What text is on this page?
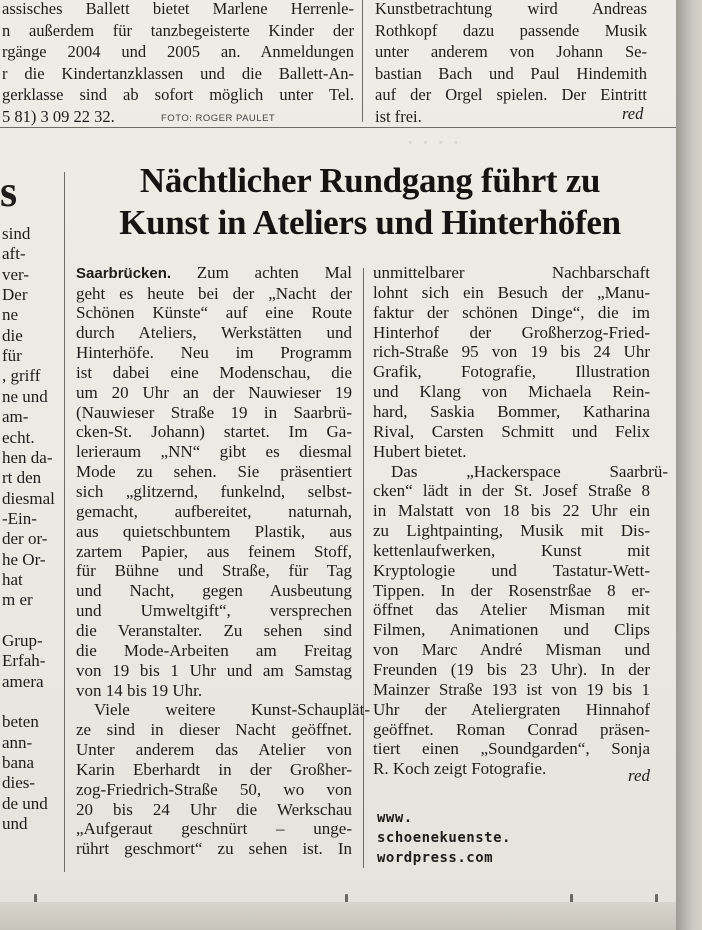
assisches Ballett bietet Marlene Herrenle-
n außerdem für tanzbegeisterte Kinder der
rgänge 2004 und 2005 an. Anmeldungen
r die Kindertanzklassen und die Ballett-An-
gerklasse sind ab sofort möglich unter Tel.
5 81) 3 09 22 32.	FOTO: ROGER PAULET
Kunstbetrachtung wird Andreas
Rothkopf dazu passende Musik
unter anderem von Johann Se-
bastian Bach und Paul Hindemith
auf der Orgel spielen. Der Eintritt
ist frei.	red
· · · ·
s
sind
aft-
ver-
Der
ne
die
für
, griff
ne und
am-
echt.
hen da-
rt den
diesmal
-Ein-
der or-
he Or-
hat
m er
Grup-
Erfah-
amera
beten
ann-
bana
dies-
de und
und
Nächtlicher Rundgang führt zu
Kunst in Ateliers und Hinterhöfen
Saarbrücken. Zum achten Mal
geht es heute bei der „Nacht der
Schönen Künste“ auf eine Route
durch Ateliers, Werkstätten und
Hinterhöfe. Neu im Programm
ist dabei eine Modenschau, die
um 20 Uhr an der Nauwieser 19
(Nauwieser Straße 19 in Saarbrü-
cken-St. Johann) startet. Im Ga-
lerieraum „NN“ gibt es diesmal
Mode zu sehen. Sie präsentiert
sich „glitzernd, funkelnd, selbst-
gemacht, aufbereitet, naturnah,
aus quietschbuntem Plastik, aus
zartem Papier, aus feinem Stoff,
für Bühne und Straße, für Tag
und Nacht, gegen Ausbeutung
und Umweltgift“, versprechen
die Veranstalter. Zu sehen sind
die Mode-Arbeiten am Freitag
von 19 bis 1 Uhr und am Samstag
von 14 bis 19 Uhr.
Viele weitere Kunst-Schauplät-
ze sind in dieser Nacht geöffnet.
Unter anderem das Atelier von
Karin Eberhardt in der Großher-
zog-Friedrich-Straße 50, wo von
20 bis 24 Uhr die Werkschau
„Aufgeraut geschnürt – unge-
rührt geschmort“ zu sehen ist. In
unmittelbarer Nachbarschaft
lohnt sich ein Besuch der „Manu-
faktur der schönen Dinge“, die im
Hinterhof der Großherzog-Fried-
rich-Straße 95 von 19 bis 24 Uhr
Grafik, Fotografie, Illustration
und Klang von Michaela Rein-
hard, Saskia Bommer, Katharina
Rival, Carsten Schmitt und Felix
Hubert bietet.
Das „Hackerspace Saarbrü-
cken“ lädt in der St. Josef Straße 8
in Malstatt von 18 bis 22 Uhr ein
zu Lightpainting, Musik mit Dis-
kettenlaufwerken, Kunst mit
Kryptologie und Tastatur-Wett-
Tippen. In der Rosenstrßae 8 er-
öffnet das Atelier Misman mit
Filmen, Animationen und Clips
von Marc André Misman und
Freunden (19 bis 23 Uhr). In der
Mainzer Straße 193 ist von 19 bis 1
Uhr der Ateliergraten Hinnahof
geöffnet. Roman Conrad präsen-
tiert einen „Soundgarden“, Sonja
R. Koch zeigt Fotografie.	red
www.
schoenekuenste.
wordpress.com
